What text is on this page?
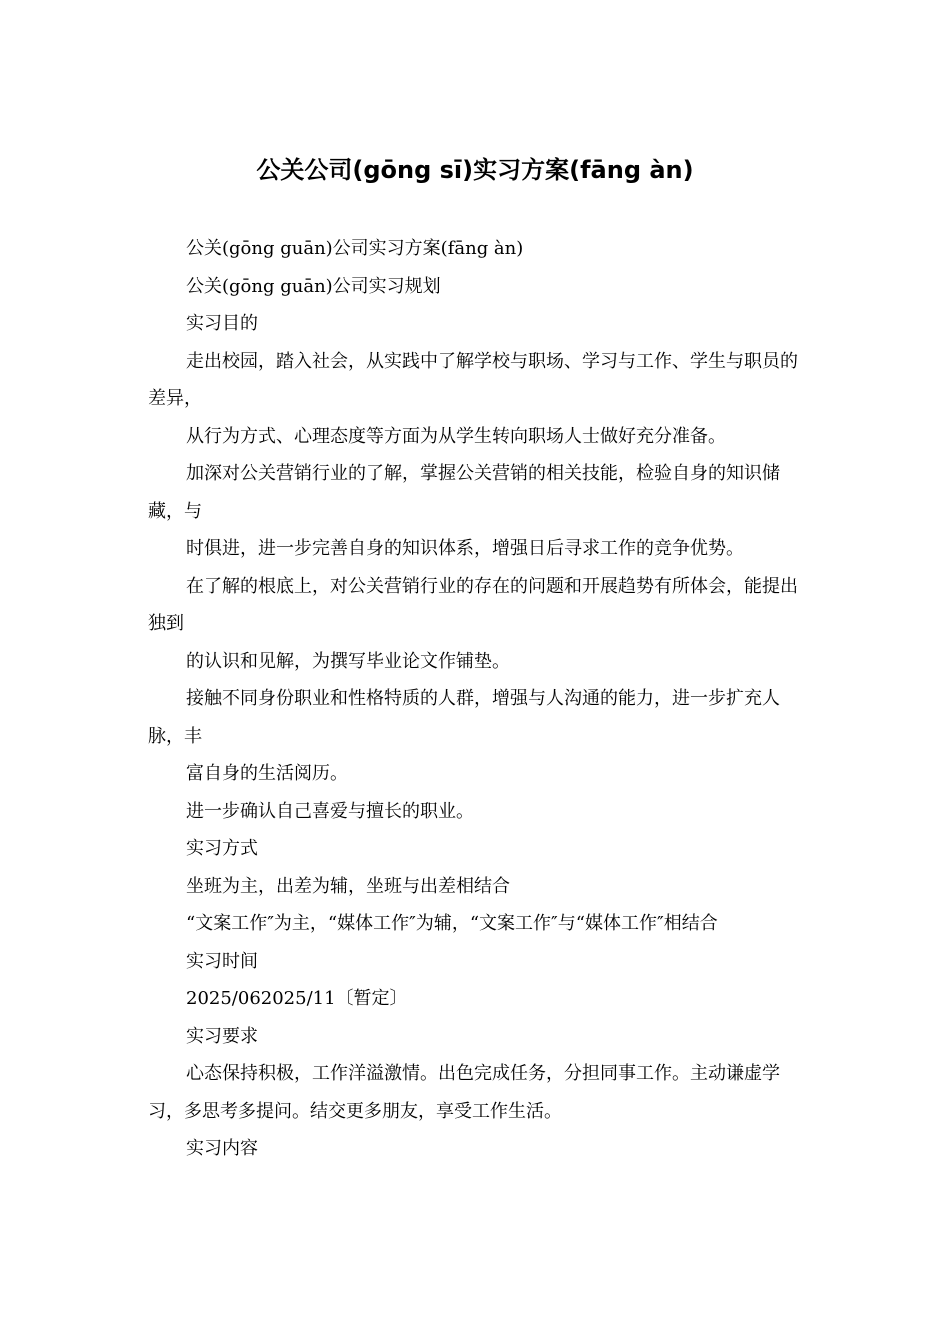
公关公司(gōng sī)实习方案(fāng àn)

公关(gōng guān)公司实习方案(fāng àn)

公关(gōng guān)公司实习规划

实习目的

走出校园，踏入社会，从实践中了解学校与职场、学习与工作、学生与职员的差异，

从行为方式、心理态度等方面为从学生转向职场人士做好充分准备。

加深对公关营销行业的了解，掌握公关营销的相关技能，检验自身的知识储藏，与

时俱进，进一步完善自身的知识体系，增强日后寻求工作的竞争优势。

在了解的根底上，对公关营销行业的存在的问题和开展趋势有所体会，能提出独到

的认识和见解，为撰写毕业论文作铺垫。

接触不同身份职业和性格特质的人群，增强与人沟通的能力，进一步扩充人脉，丰

富自身的生活阅历。

进一步确认自己喜爱与擅长的职业。

实习方式

坐班为主，出差为辅，坐班与出差相结合

“文案工作″为主，“媒体工作″为辅，“文案工作″与“媒体工作″相结合

实习时间

2025/062025/11〔暂定〕

实习要求

心态保持积极，工作洋溢激情。出色完成任务，分担同事工作。主动谦虚学习，多思考多提问。结交更多朋友，享受工作生活。

实习内容
